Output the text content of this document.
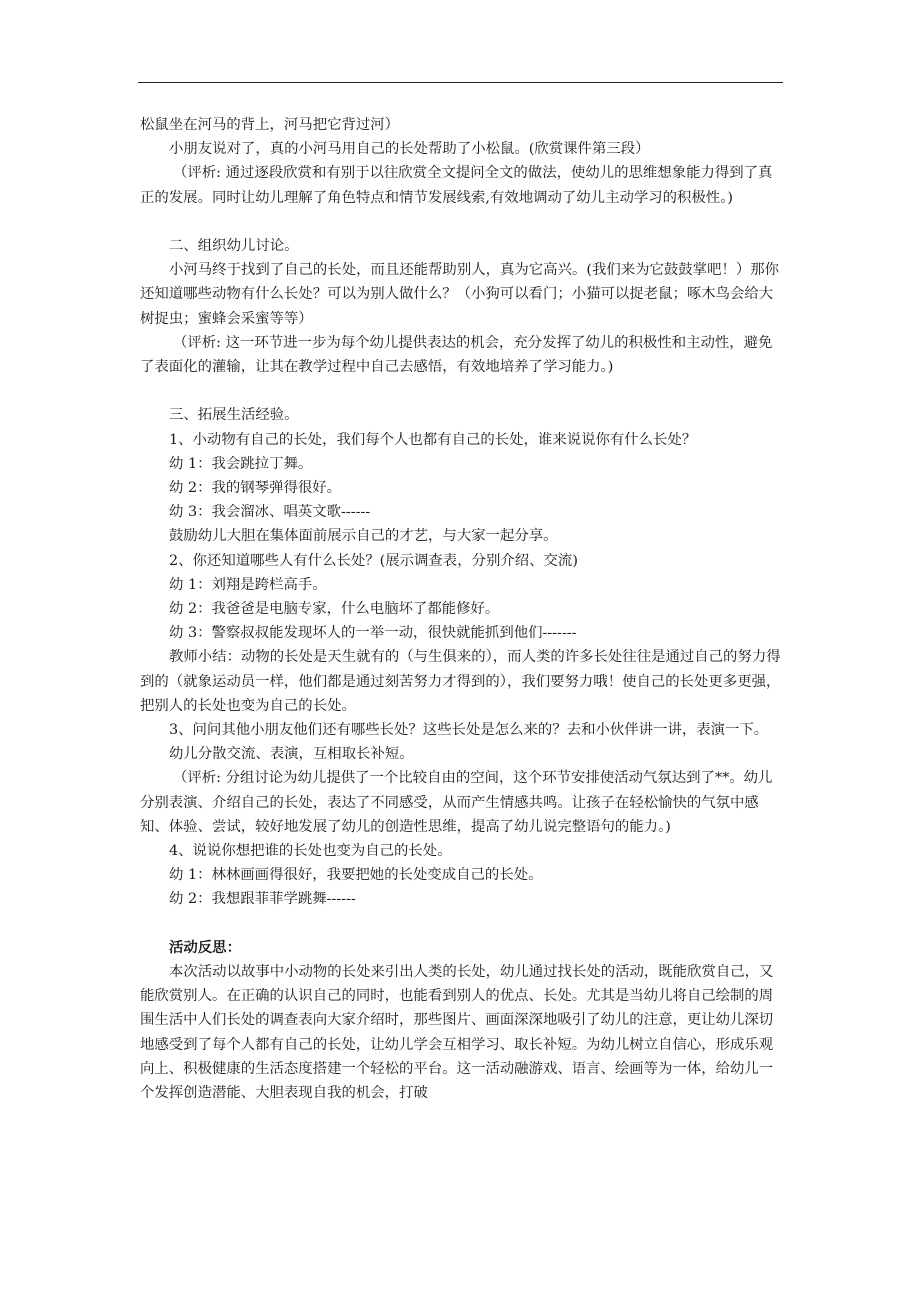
松鼠坐在河马的背上，河马把它背过河）

小朋友说对了，真的小河马用自己的长处帮助了小松鼠。(欣赏课件第三段）

（评析: 通过逐段欣赏和有别于以往欣赏全文提问全文的做法，使幼儿的思维想象能力得到了真正的发展。同时让幼儿理解了角色特点和情节发展线索,有效地调动了幼儿主动学习的积极性。)

二、组织幼儿讨论。

小河马终于找到了自己的长处，而且还能帮助别人，真为它高兴。(我们来为它鼓鼓掌吧！）那你还知道哪些动物有什么长处？可以为别人做什么？（小狗可以看门；小猫可以捉老鼠；啄木鸟会给大树捉虫；蜜蜂会采蜜等等）

（评析: 这一环节进一步为每个幼儿提供表达的机会，充分发挥了幼儿的积极性和主动性，避免了表面化的灌输，让其在教学过程中自己去感悟，有效地培养了学习能力。)

三、拓展生活经验。

1、小动物有自己的长处，我们每个人也都有自己的长处，谁来说说你有什么长处？

幼 1：我会跳拉丁舞。

幼 2：我的钢琴弹得很好。

幼 3：我会溜冰、唱英文歌------

鼓励幼儿大胆在集体面前展示自己的才艺，与大家一起分享。

2、你还知道哪些人有什么长处？(展示调查表，分别介绍、交流)

幼 1：刘翔是跨栏高手。

幼 2：我爸爸是电脑专家，什么电脑坏了都能修好。

幼 3：警察叔叔能发现坏人的一举一动，很快就能抓到他们-------

教师小结：动物的长处是天生就有的（与生俱来的），而人类的许多长处往往是通过自己的努力得到的（就象运动员一样，他们都是通过刻苦努力才得到的），我们要努力哦！使自己的长处更多更强，把别人的长处也变为自己的长处。

3、问问其他小朋友他们还有哪些长处？这些长处是怎么来的？去和小伙伴讲一讲，表演一下。

幼儿分散交流、表演，互相取长补短。

（评析: 分组讨论为幼儿提供了一个比较自由的空间，这个环节安排使活动气氛达到了**。幼儿分别表演、介绍自己的长处，表达了不同感受，从而产生情感共鸣。让孩子在轻松愉快的气氛中感知、体验、尝试，较好地发展了幼儿的创造性思维，提高了幼儿说完整语句的能力。)

4、说说你想把谁的长处也变为自己的长处。

幼 1：林林画画得很好，我要把她的长处变成自己的长处。

幼 2：我想跟菲菲学跳舞------

活动反思：

本次活动以故事中小动物的长处来引出人类的长处，幼儿通过找长处的活动，既能欣赏自己，又能欣赏别人。在正确的认识自己的同时，也能看到别人的优点、长处。尤其是当幼儿将自己绘制的周围生活中人们长处的调查表向大家介绍时，那些图片、画面深深地吸引了幼儿的注意，更让幼儿深切地感受到了每个人都有自己的长处，让幼儿学会互相学习、取长补短。为幼儿树立自信心，形成乐观向上、积极健康的生活态度搭建一个轻松的平台。这一活动融游戏、语言、绘画等为一体，给幼儿一个发挥创造潜能、大胆表现自我的机会，打破
